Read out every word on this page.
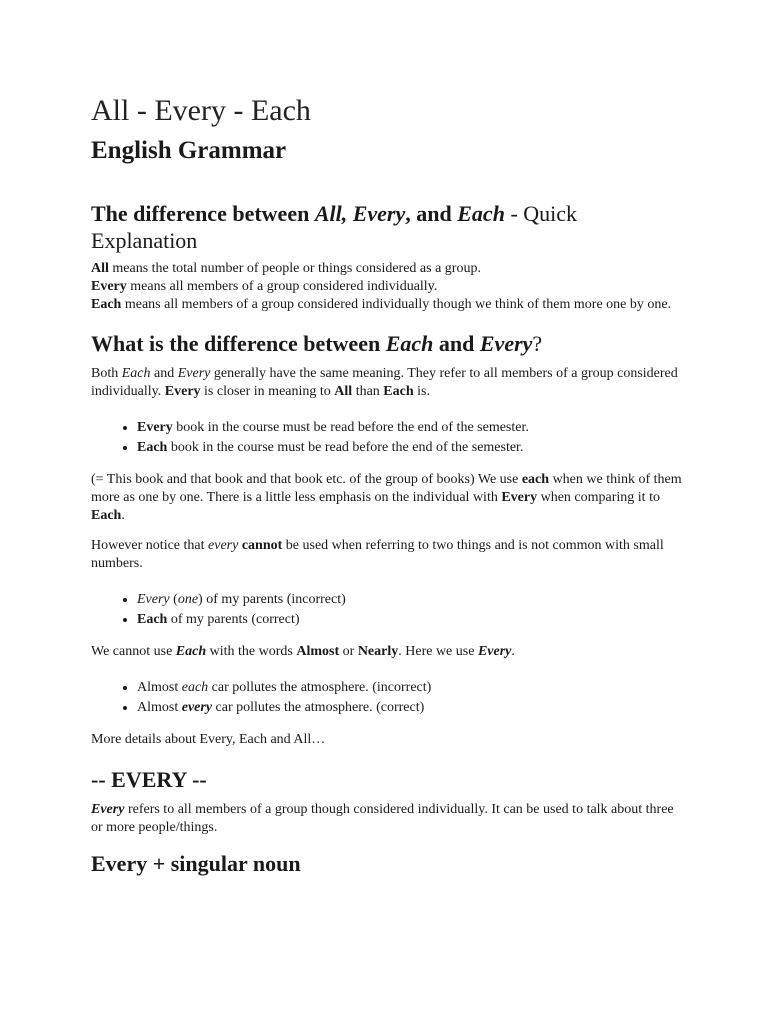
All - Every - Each
English Grammar
The difference between All, Every, and Each - Quick Explanation

All means the total number of people or things considered as a group.

Every means all members of a group considered individually.

Each means all members of a group considered individually though we think of them more one by one.

What is the difference between Each and Every?

Both Each and Every generally have the same meaning. They refer to all members of a group considered individually. Every is closer in meaning to All than Each is.

• Every book in the course must be read before the end of the semester.
• Each book in the course must be read before the end of the semester.

(= This book and that book and that book etc. of the group of books) We use each when we think of them more as one by one. There is a little less emphasis on the individual with Every when comparing it to Each.

However notice that every cannot be used when referring to two things and is not common with small numbers.

• Every (one) of my parents (incorrect)
• Each of my parents (correct)

We cannot use Each with the words Almost or Nearly. Here we use Every.

• Almost each car pollutes the atmosphere. (incorrect)
• Almost every car pollutes the atmosphere. (correct)

More details about Every, Each and All…

-- EVERY --

Every refers to all members of a group though considered individually. It can be used to talk about three or more people/things.

Every + singular noun
